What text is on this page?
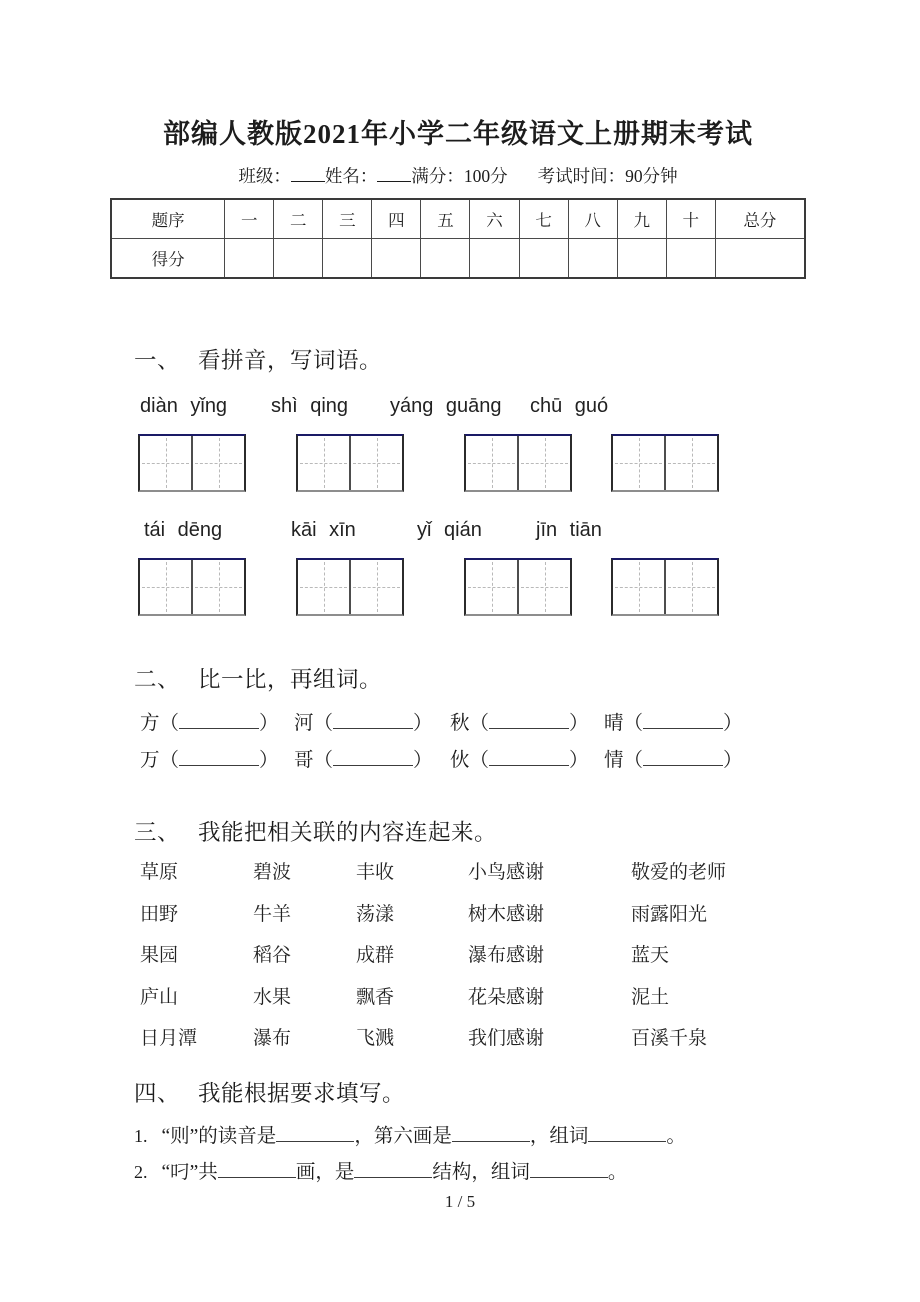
部编人教版2021年小学二年级语文上册期末考试
班级： 姓名： 满分：100分 考试时间：90分钟
题序	一	二	三	四	五	六	七	八	九	十	总分
得分											
一、 看拼音，写词语。
diàn yǐng shì qing yáng guāng chū guó
tái dēng	kāi xīn	yǐ qián	jīn tiān
二、 比一比，再组词。
方（	） 河（	） 秋（	） 晴（	）
万（	） 哥（	） 伙（	） 情（	）
三、 我能把相关联的内容连起来。
草原	碧波	丰收	小鸟感谢	敬爱的老师
田野	牛羊	荡漾	树木感谢	雨露阳光
果园	稻谷	成群	瀑布感谢	蓝天
庐山	水果	飘香	花朵感谢	泥土
日月潭	瀑布	飞溅	我们感谢	百溪千泉
四、 我能根据要求填写。
1. “则”的读音是	，第六画是	，组词	。
2. “叼”共	画，是	结构，组词	。
1 / 5
